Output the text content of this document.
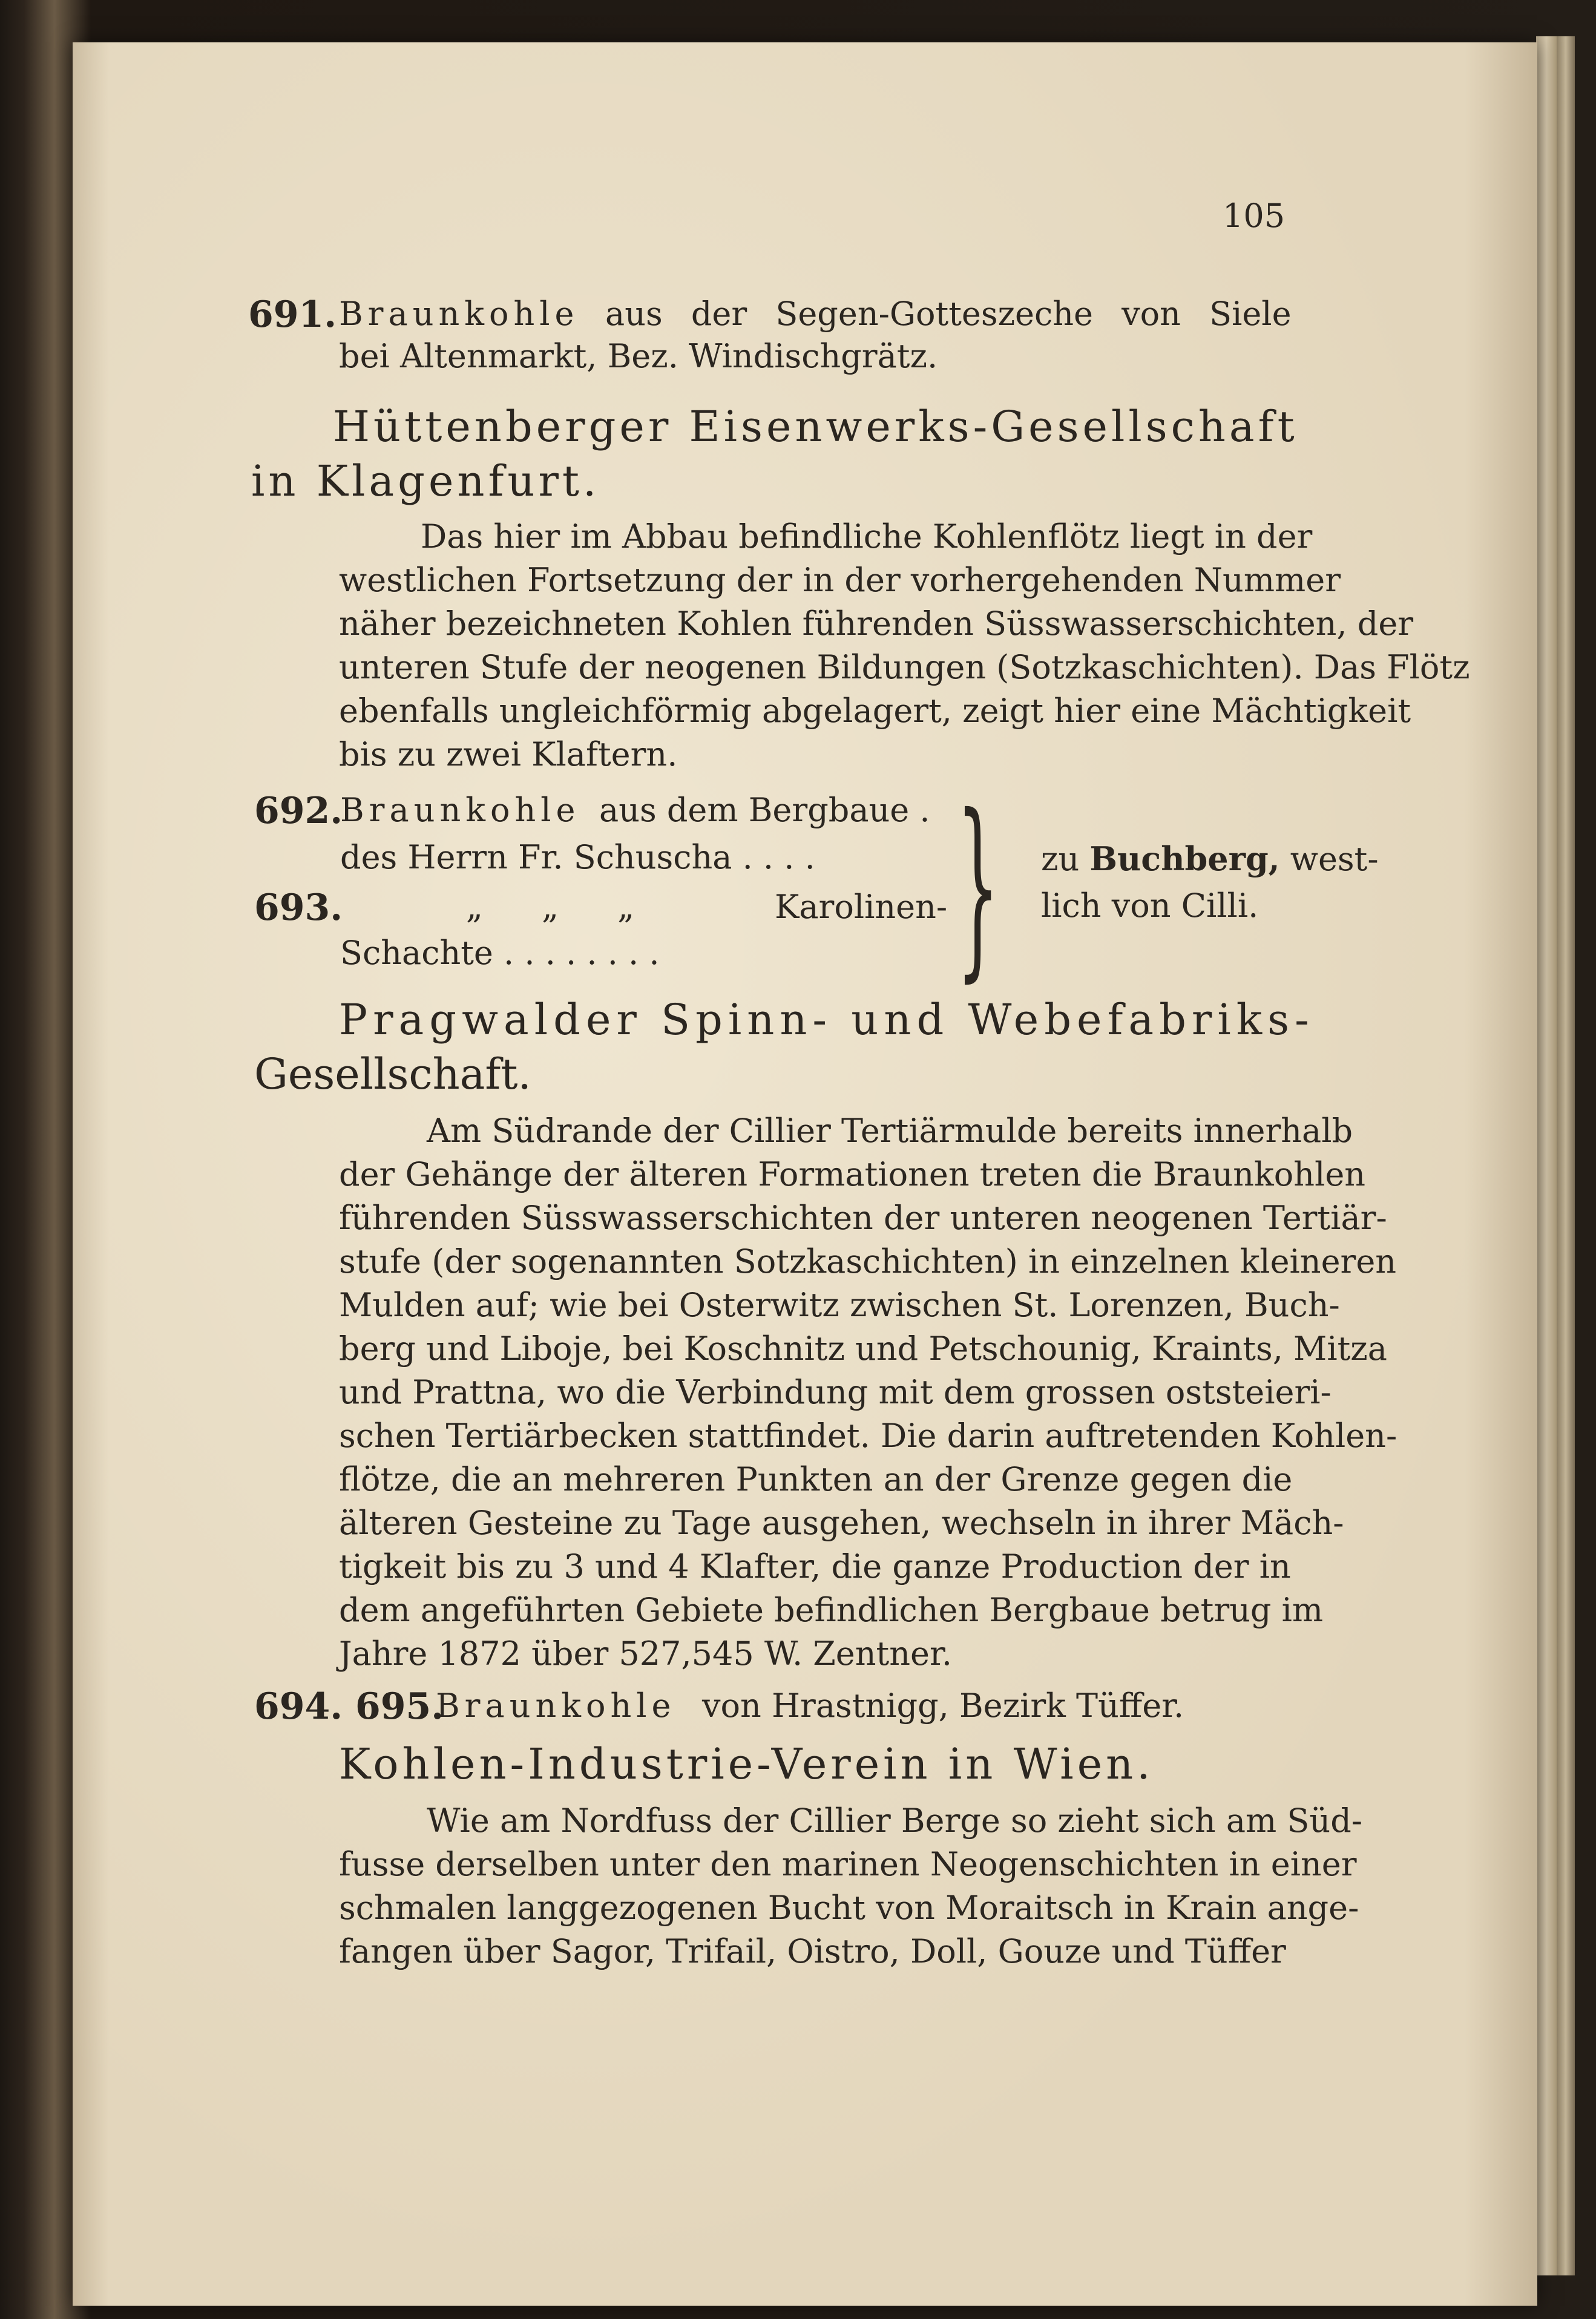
105
691. Braunkohle aus der Segen-Gotteszeche von Siele
bei Altenmarkt, Bez. Windischgrätz.
Hüttenberger Eisenwerks-Gesellschaft
in Klagenfurt.
Das hier im Abbau befindliche Kohlenflötz liegt in der
westlichen Fortsetzung der in der vorhergehenden Nummer
näher bezeichneten Kohlen führenden Süsswasserschichten, der
unteren Stufe der neogenen Bildungen (Sotzkaschichten). Das Flötz
ebenfalls ungleichförmig abgelagert, zeigt hier eine Mächtigkeit
bis zu zwei Klaftern.
692.
Braunkohle aus dem Bergbaue .
des Herrn Fr. Schuscha . . . .
693.	„ „ „	Karolinen-
Schachte . . . . . . . . } zu Buchberg, west-
lich von Cilli.
Pragwalder Spinn- und Webefabriks-
Gesellschaft.
Am Südrande der Cillier Tertiärmulde bereits innerhalb
der Gehänge der älteren Formationen treten die Braunkohlen
führenden Süsswasserschichten der unteren neogenen Tertiär-
stufe (der sogenannten Sotzkaschichten) in einzelnen kleineren
Mulden auf; wie bei Osterwitz zwischen St. Lorenzen, Buch-
berg und Liboje, bei Koschnitz und Petschounig, Kraints, Mitza
und Prattna, wo die Verbindung mit dem grossen oststeieri-
schen Tertiärbecken stattfindet. Die darin auftretenden Kohlen-
flötze, die an mehreren Punkten an der Grenze gegen die
älteren Gesteine zu Tage ausgehen, wechseln in ihrer Mäch-
tigkeit bis zu 3 und 4 Klafter, die ganze Production der in
dem angeführten Gebiete befindlichen Bergbaue betrug im
Jahre 1872 über 527,545 W. Zentner.
694. 695.
Braunkohle von Hrastnigg, Bezirk Tüffer.
Kohlen-Industrie-Verein in Wien.
Wie am Nordfuss der Cillier Berge so zieht sich am Süd-
fusse derselben unter den marinen Neogenschichten in einer
schmalen langgezogenen Bucht von Moraitsch in Krain ange-
fangen über Sagor, Trifail, Oistro, Doll, Gouze und Tüffer
